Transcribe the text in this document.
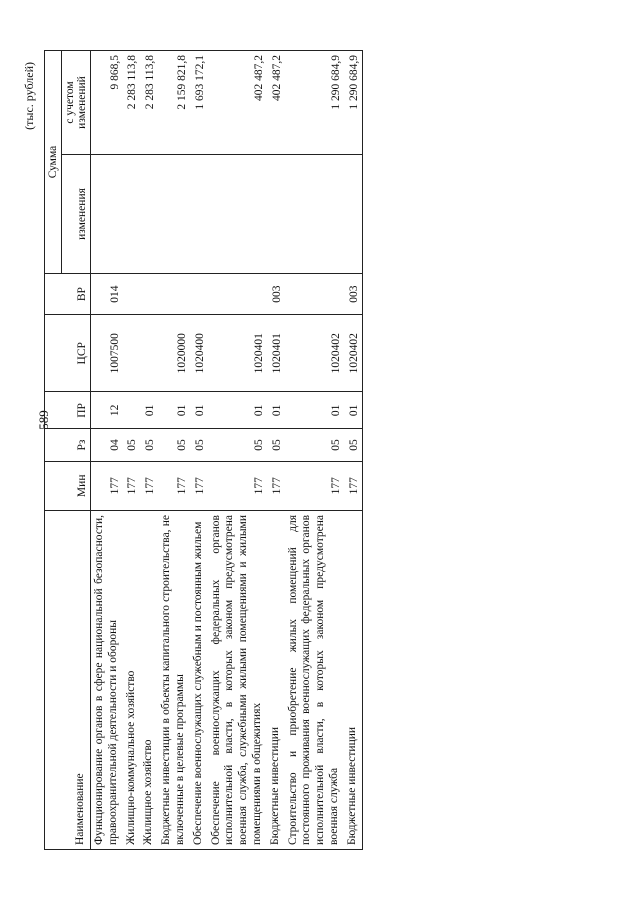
589
(тыс. рублей)
Наименование	Мин	Рз	ПР	ЦСР	ВР	Сумма	
						изменения	с учетом изменений
Функционирование органов в сфере национальной безопасности, правоохранительной деятельности и обороны	177	04	12	1007500	014		9 868,5
Жилищно-коммунальное хозяйство	177	05					2 283 113,8
Жилищное хозяйство	177	05	01				2 283 113,8
Бюджетные инвестиции в объекты капитального строительства, не включенные в целевые программы	177	05	01	1020000			2 159 821,8
Обеспечение военнослужащих служебным и постоянным жильем	177	05	01	1020400			1 693 172,1
Обеспечение военнослужащих федеральных органов исполнительной власти, в которых законом предусмотрена военная служба, служебными жилыми помещениями и жилыми помещениями в общежитиях	177	05	01	1020401			402 487,2
Бюджетные инвестиции	177	05	01	1020401	003		402 487,2
Строительство и приобретение жилых помещений для постоянного проживания военнослужащих федеральных органов исполнительной власти, в которых законом предусмотрена военная служба	177	05	01	1020402			1 290 684,9
Бюджетные инвестиции	177	05	01	1020402	003		1 290 684,9
